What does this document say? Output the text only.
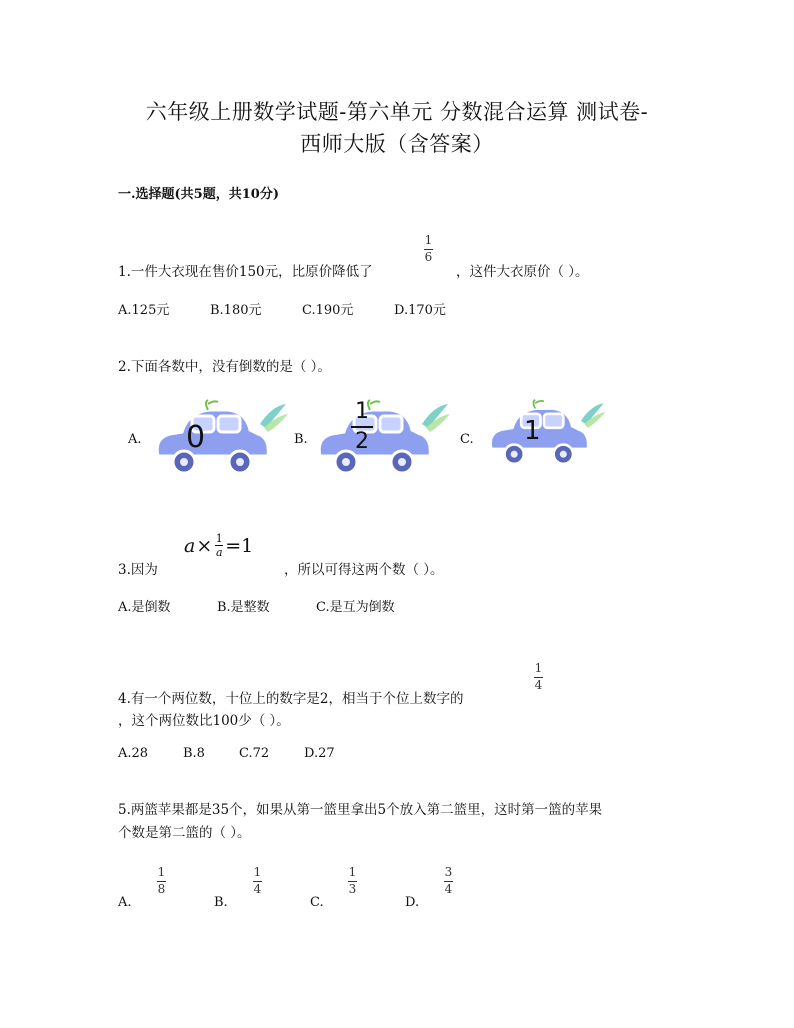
六年级上册数学试题-第六单元 分数混合运算 测试卷-
西师大版（含答案）
一.选择题(共5题，共10分)
1.一件大衣现在售价150元，比原价降低了
1
6
，这件大衣原价（ ）。
A.125元	B.180元	C.190元	D.170元
2.下面各数中，没有倒数的是（ ）。
A. 0	B.
1
2	C. 1
a × 1
a =1
3.因为	，所以可得这两个数（ ）。
A.是倒数	B.是整数	C.是互为倒数
4.有一个两位数，十位上的数字是2，相当于个位上数字的
1
4
，这个两位数比100少（ ）。
A.28	B.8	C.72	D.27
5.两篮苹果都是35个，如果从第一篮里拿出5个放入第二篮里，这时第一篮的苹果
个数是第二篮的（ ）。
A.
1
8
B.
1
4
C.
1
3
D.
3
4
